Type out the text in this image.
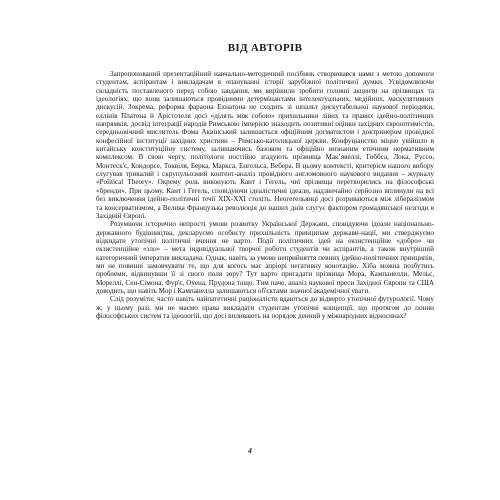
ВІД АВТОРІВ

Запропонований презентаційний навчально-методичний посібник створювався нами з метою допомоги студентам, аспірантам і викладачам в опануванні історії зарубіжної політичної думки. Усвідомлюючи складність поставленого перед собою завдання, ми вирішили зробити головні акценти на прізвищах та ідеологіях, що вони залишаються провідними детермінантами інтелектуальних, медійних, маскулятивних дискусій. Зокрема, реформа фараона Ехнатона не сходить зі шпальт дискутабельної наукової періодики, еллінів Платона й Арістотеля досі «ділять між собою» прихильники лівих та правих ідейно-політичних напрямків, досвід інтеграції народів Римською імперією знаходить позитивні оцінки західних єврооптимістів, середньовічний мислитель Фома Аквінський залишається офіційним догматистом і доктринером провідної конфесійної інституції західних християн – Римсько-католицької церкви. Конфуціанство міцно увійшло в китайську конституційну систему, залишаючись базовим та офіційно визнаним етичним нормативним комплексом. В свою чергу, політологи постійно згадують прізвища Макʼявеллі, Гоббса, Лока, Руссо, Монтеск'є, Кондорсе, Токвіля, Берка, Маркса, Енгельса, Вебера. В цьому контексті, критерієм нашого вибору слугував тривалий і скрупульозний контент-аналіз провідного англомовного наукового видання – журналу «Political Theory». Окрему роль виконують Кант і Гегель, чиї прізвища перетворились на філософські «бренди». При цьому, Кант і Гегель, сповідуючи ідеалістичні ідеали, надзвичайно серйозно вплинули на всі без виключення ідейно-політичні течії XIX-XXI століть. Неогегельянці досі розриваються між лібералізмом та консерватизмом, а Велика Французька революція до наших днів слугує фактором громадянської незгоди в Західній Європі.

Розуміючи історично непрості умови розвитку Української Держави, сповідуючи ідеали національно-державного будівництва, декларуємо особисту прихильність принципам держави-нації, ми стверджуємо відкидати утопічні політичні вчення не варто. Події політичних ідей на екзистенційне «добро» чи екзистенційне «зло» – мета індивідуальної творчої роботи студентів чи аспірантів, а також внутрішній категоричний імператив викладача. Однак, навіть за умови неприйняття певних ідейно-політичних принципів, ми не повинні замовчувати те, що для когось має апріорі негативну конотацію. Хіба можна позбутись проблеми, відкинувши її зі свого поля зору? Тут варто пригадати прізвища Мора, Кампанелли, Мельє, Мореллі, Сен-Сімона, Фур'є, Оуена, Прудона тощо. Тим паче, аналіз наукової преси Західної Європи та США доводить, що навіть Мор і Кампанелла залишаються об'єктами значної академічної уваги.

Слід розуміти: часто навіть найпатетичні раціоналісти вдаються до відверто утопічної футурології. Чому ж, у цьому разі, ми не маємо права викладати студентам утопічні концепції, що протягом до понин філософських систем та ідеологій, що досі впливають на порядок денний у міжнародних відносинах?

4
